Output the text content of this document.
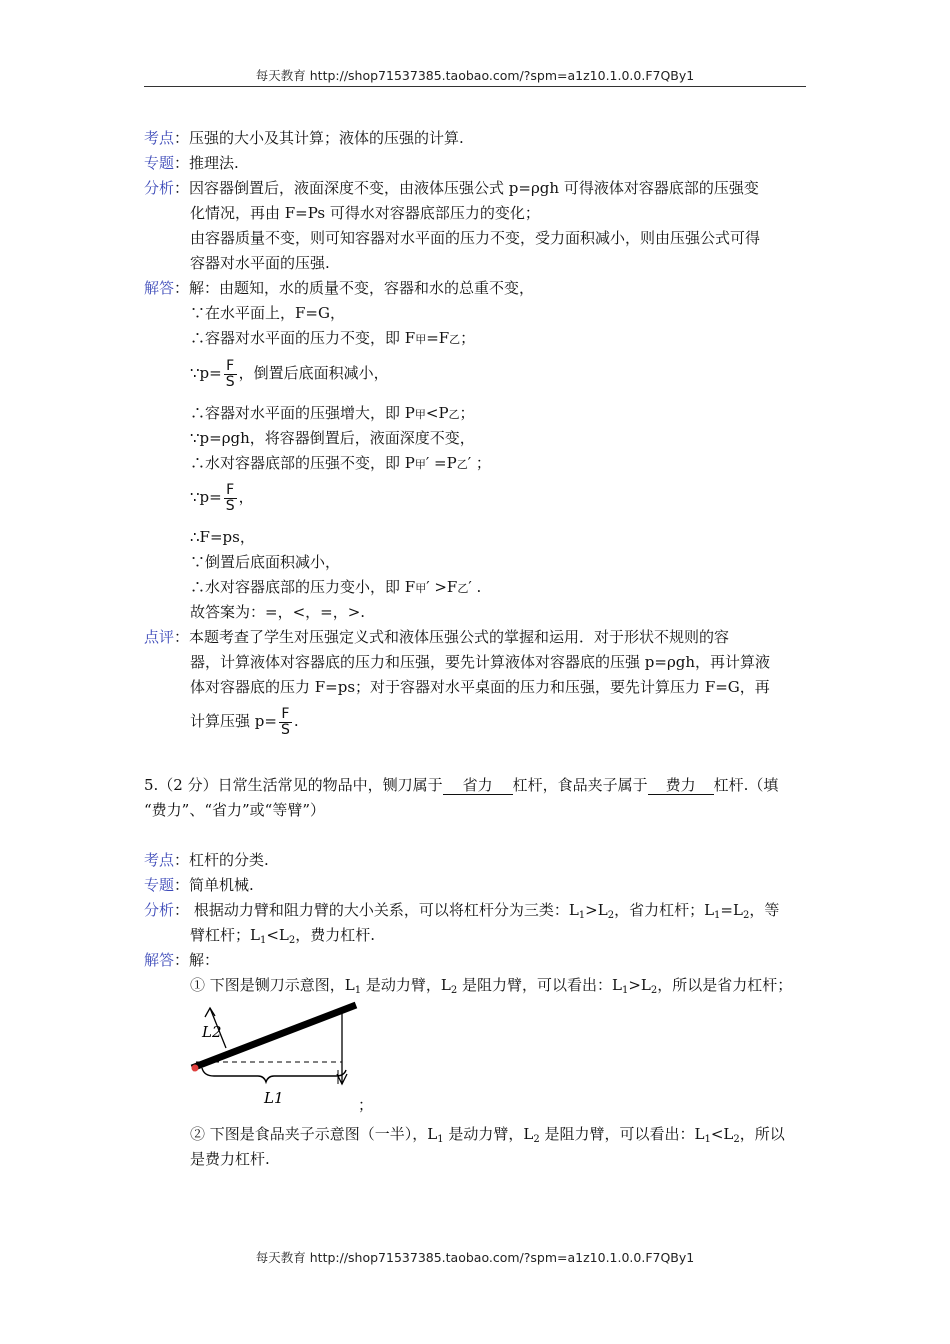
每天教育 http://shop71537385.taobao.com/?spm=a1z10.1.0.0.F7QBy1
考点：压强的大小及其计算；液体的压强的计算.
专题：推理法.
分析：因容器倒置后，液面深度不变，由液体压强公式 p=ρgh 可得液体对容器底部的压强变
化情况，再由 F=Ps 可得水对容器底部压力的变化；
由容器质量不变，则可知容器对水平面的压力不变，受力面积减小，则由压强公式可得
容器对水平面的压强.
解答：解：由题知，水的质量不变，容器和水的总重不变，
∵在水平面上，F=G，
∴容器对水平面的压力不变，即 F甲=F乙；
∵p= $\frac{F}{S}$ ，倒置后底面积减小，
∴容器对水平面的压强增大，即 P甲<P乙；
∵p=ρgh，将容器倒置后，液面深度不变，
∴水对容器底部的压强不变，即 P甲′ =P乙′ ；
∵p= $\frac{F}{S}$ ，
∴F=ps，
∵倒置后底面积减小，
∴水对容器底部的压力变小，即 F甲′ >F乙′ .
故答案为：=，<，=，>.
点评：本题考查了学生对压强定义式和液体压强公式的掌握和运用．对于形状不规则的容
器，计算液体对容器底的压力和压强，要先计算液体对容器底的压强 p=ρgh，再计算液
体对容器底的压力 F=ps；对于容器对水平桌面的压力和压强，要先计算压力 F=G，再
计算压强 $p= \frac{F}{S}$ .
5.（2 分）日常生活常见的物品中，铡刀属于 省力 杠杆，食品夹子属于 费力 杠杆.（填
“费力”、“省力”或“等臂”）
考点：杠杆的分类.
专题：简单机械.
分析： 根据动力臂和阻力臂的大小关系，可以将杠杆分为三类：$L_1>L_2$，省力杠杆；$L_1=L_2$，等
臂杠杆；$L_1<L_2$，费力杠杆.
解答：解：
① 下图是铡刀示意图，$L_1$ 是动力臂，$L_2$ 是阻力臂，可以看出：$L_1>L_2$，所以是省力杠杆；
L2
L1	；
② 下图是食品夹子示意图（一半），$L_1$ 是动力臂，$L_2$ 是阻力臂，可以看出：$L_1<L_2$，所以
是费力杠杆.
每天教育 http://shop71537385.taobao.com/?spm=a1z10.1.0.0.F7QBy1
